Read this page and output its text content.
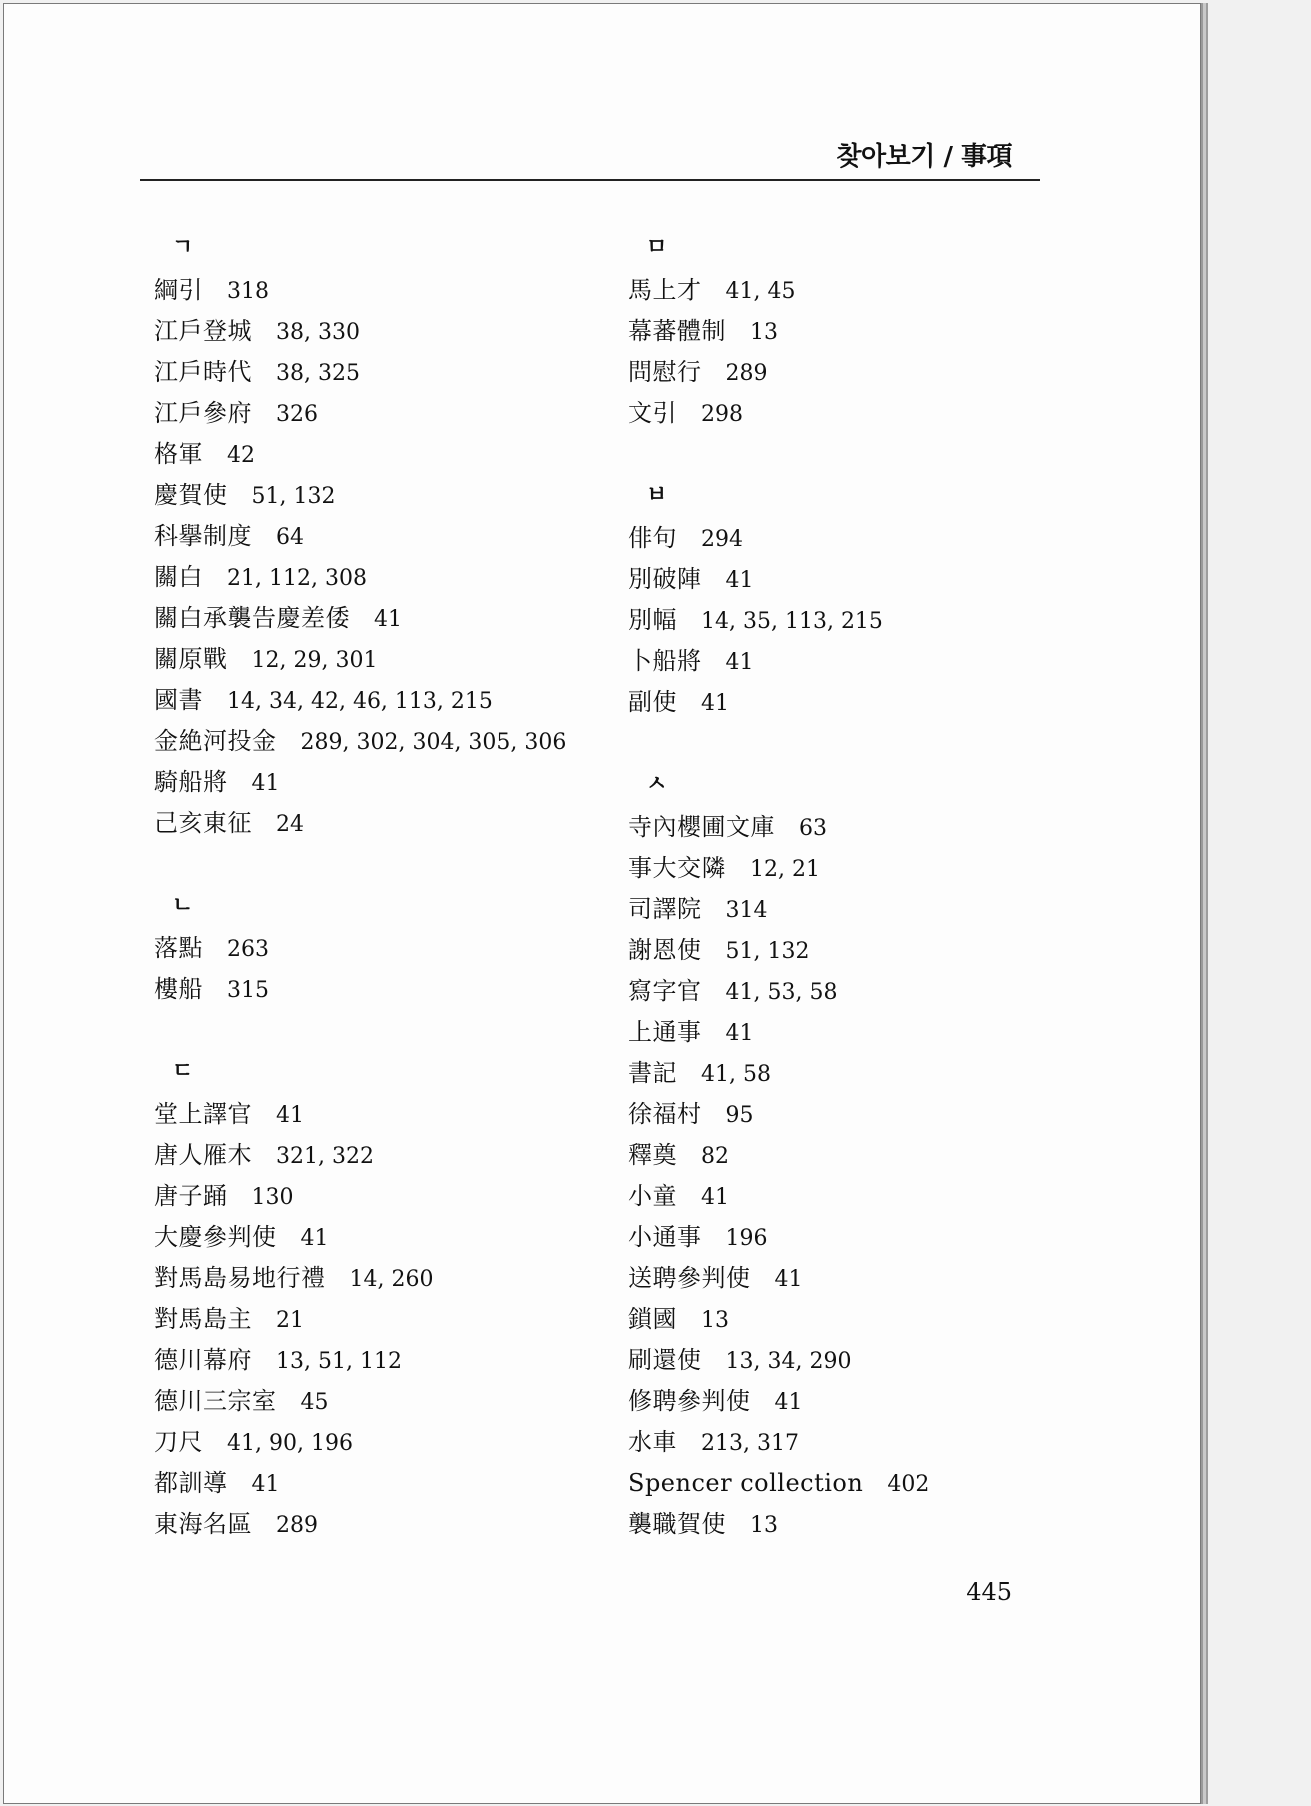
찾아보기 / 事項
ㄱ
綱引 318
江戶登城 38, 330
江戶時代 38, 325
江戶參府 326
格軍 42
慶賀使 51, 132
科擧制度 64
關白 21, 112, 308
關白承襲告慶差倭 41
關原戰 12, 29, 301
國書 14, 34, 42, 46, 113, 215
金絶河投金 289, 302, 304, 305, 306
騎船將 41
己亥東征 24
ㄴ
落點 263
樓船 315
ㄷ
堂上譯官 41
唐人雁木 321, 322
唐子踊 130
大慶參判使 41
對馬島易地行禮 14, 260
對馬島主 21
德川幕府 13, 51, 112
德川三宗室 45
刀尺 41, 90, 196
都訓導 41
東海名區 289
ㅁ
馬上才 41, 45
幕蕃體制 13
問慰行 289
文引 298
ㅂ
俳句 294
別破陣 41
別幅 14, 35, 113, 215
卜船將 41
副使 41
ㅅ
寺內櫻圃文庫 63
事大交隣 12, 21
司譯院 314
謝恩使 51, 132
寫字官 41, 53, 58
上通事 41
書記 41, 58
徐福村 95
釋奠 82
小童 41
小通事 196
送聘參判使 41
鎖國 13
刷還使 13, 34, 290
修聘參判使 41
水車 213, 317
Spencer collection 402
襲職賀使 13
445
